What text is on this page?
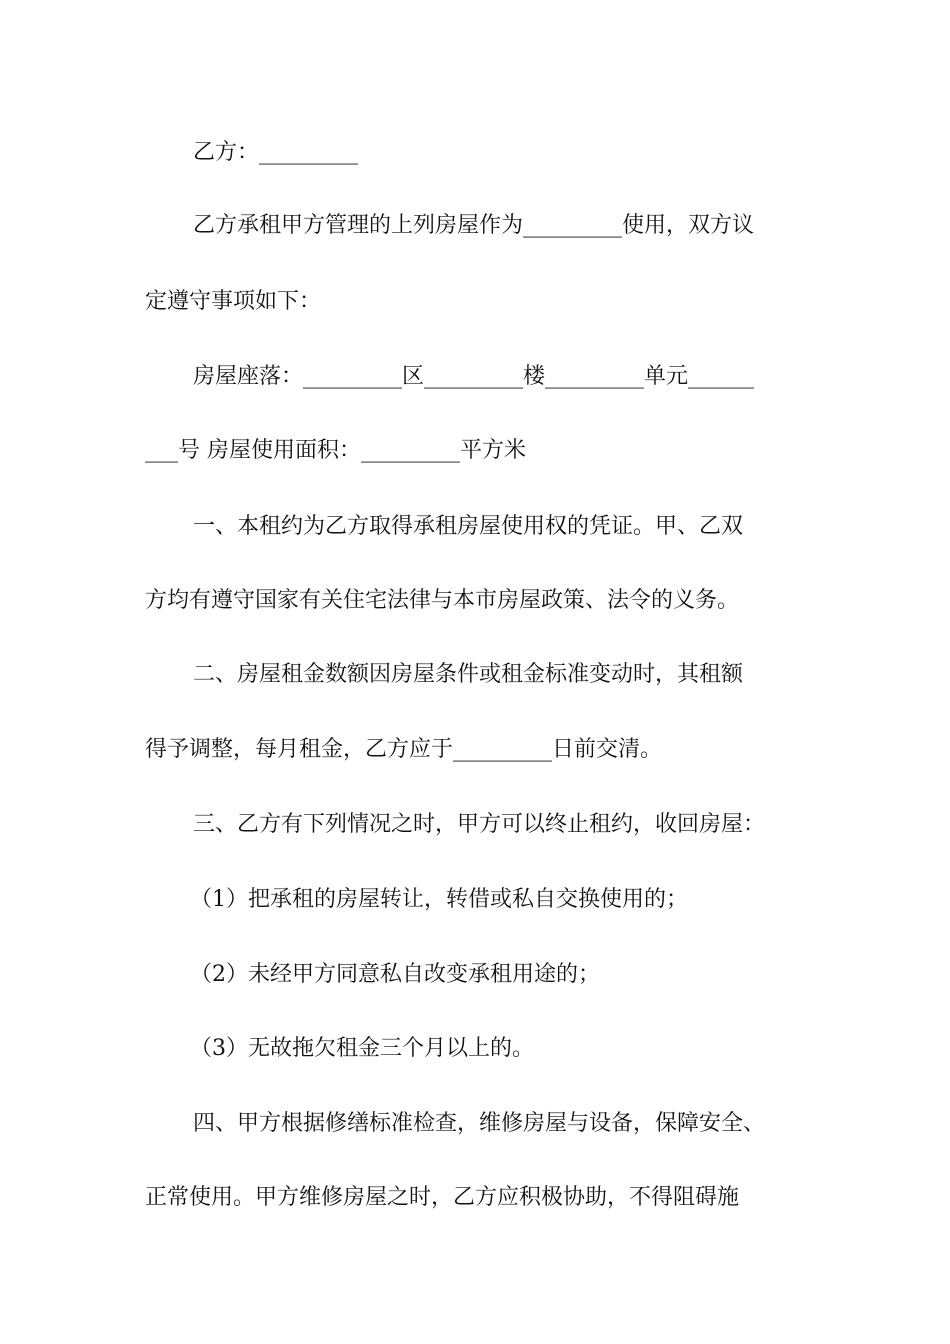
乙方：_________
乙方承租甲方管理的上列房屋作为_________使用，双方议
定遵守事项如下：
房屋座落：_________区_________楼_________单元______
___号 房屋使用面积：_________平方米
一、本租约为乙方取得承租房屋使用权的凭证。甲、乙双
方均有遵守国家有关住宅法律与本市房屋政策、法令的义务。
二、房屋租金数额因房屋条件或租金标准变动时，其租额
得予调整，每月租金，乙方应于_________日前交清。
三、乙方有下列情况之时，甲方可以终止租约，收回房屋：
（1）把承租的房屋转让，转借或私自交换使用的；
（2）未经甲方同意私自改变承租用途的；
（3）无故拖欠租金三个月以上的。
四、甲方根据修缮标准检查，维修房屋与设备，保障安全、
正常使用。甲方维修房屋之时，乙方应积极协助，不得阻碍施
